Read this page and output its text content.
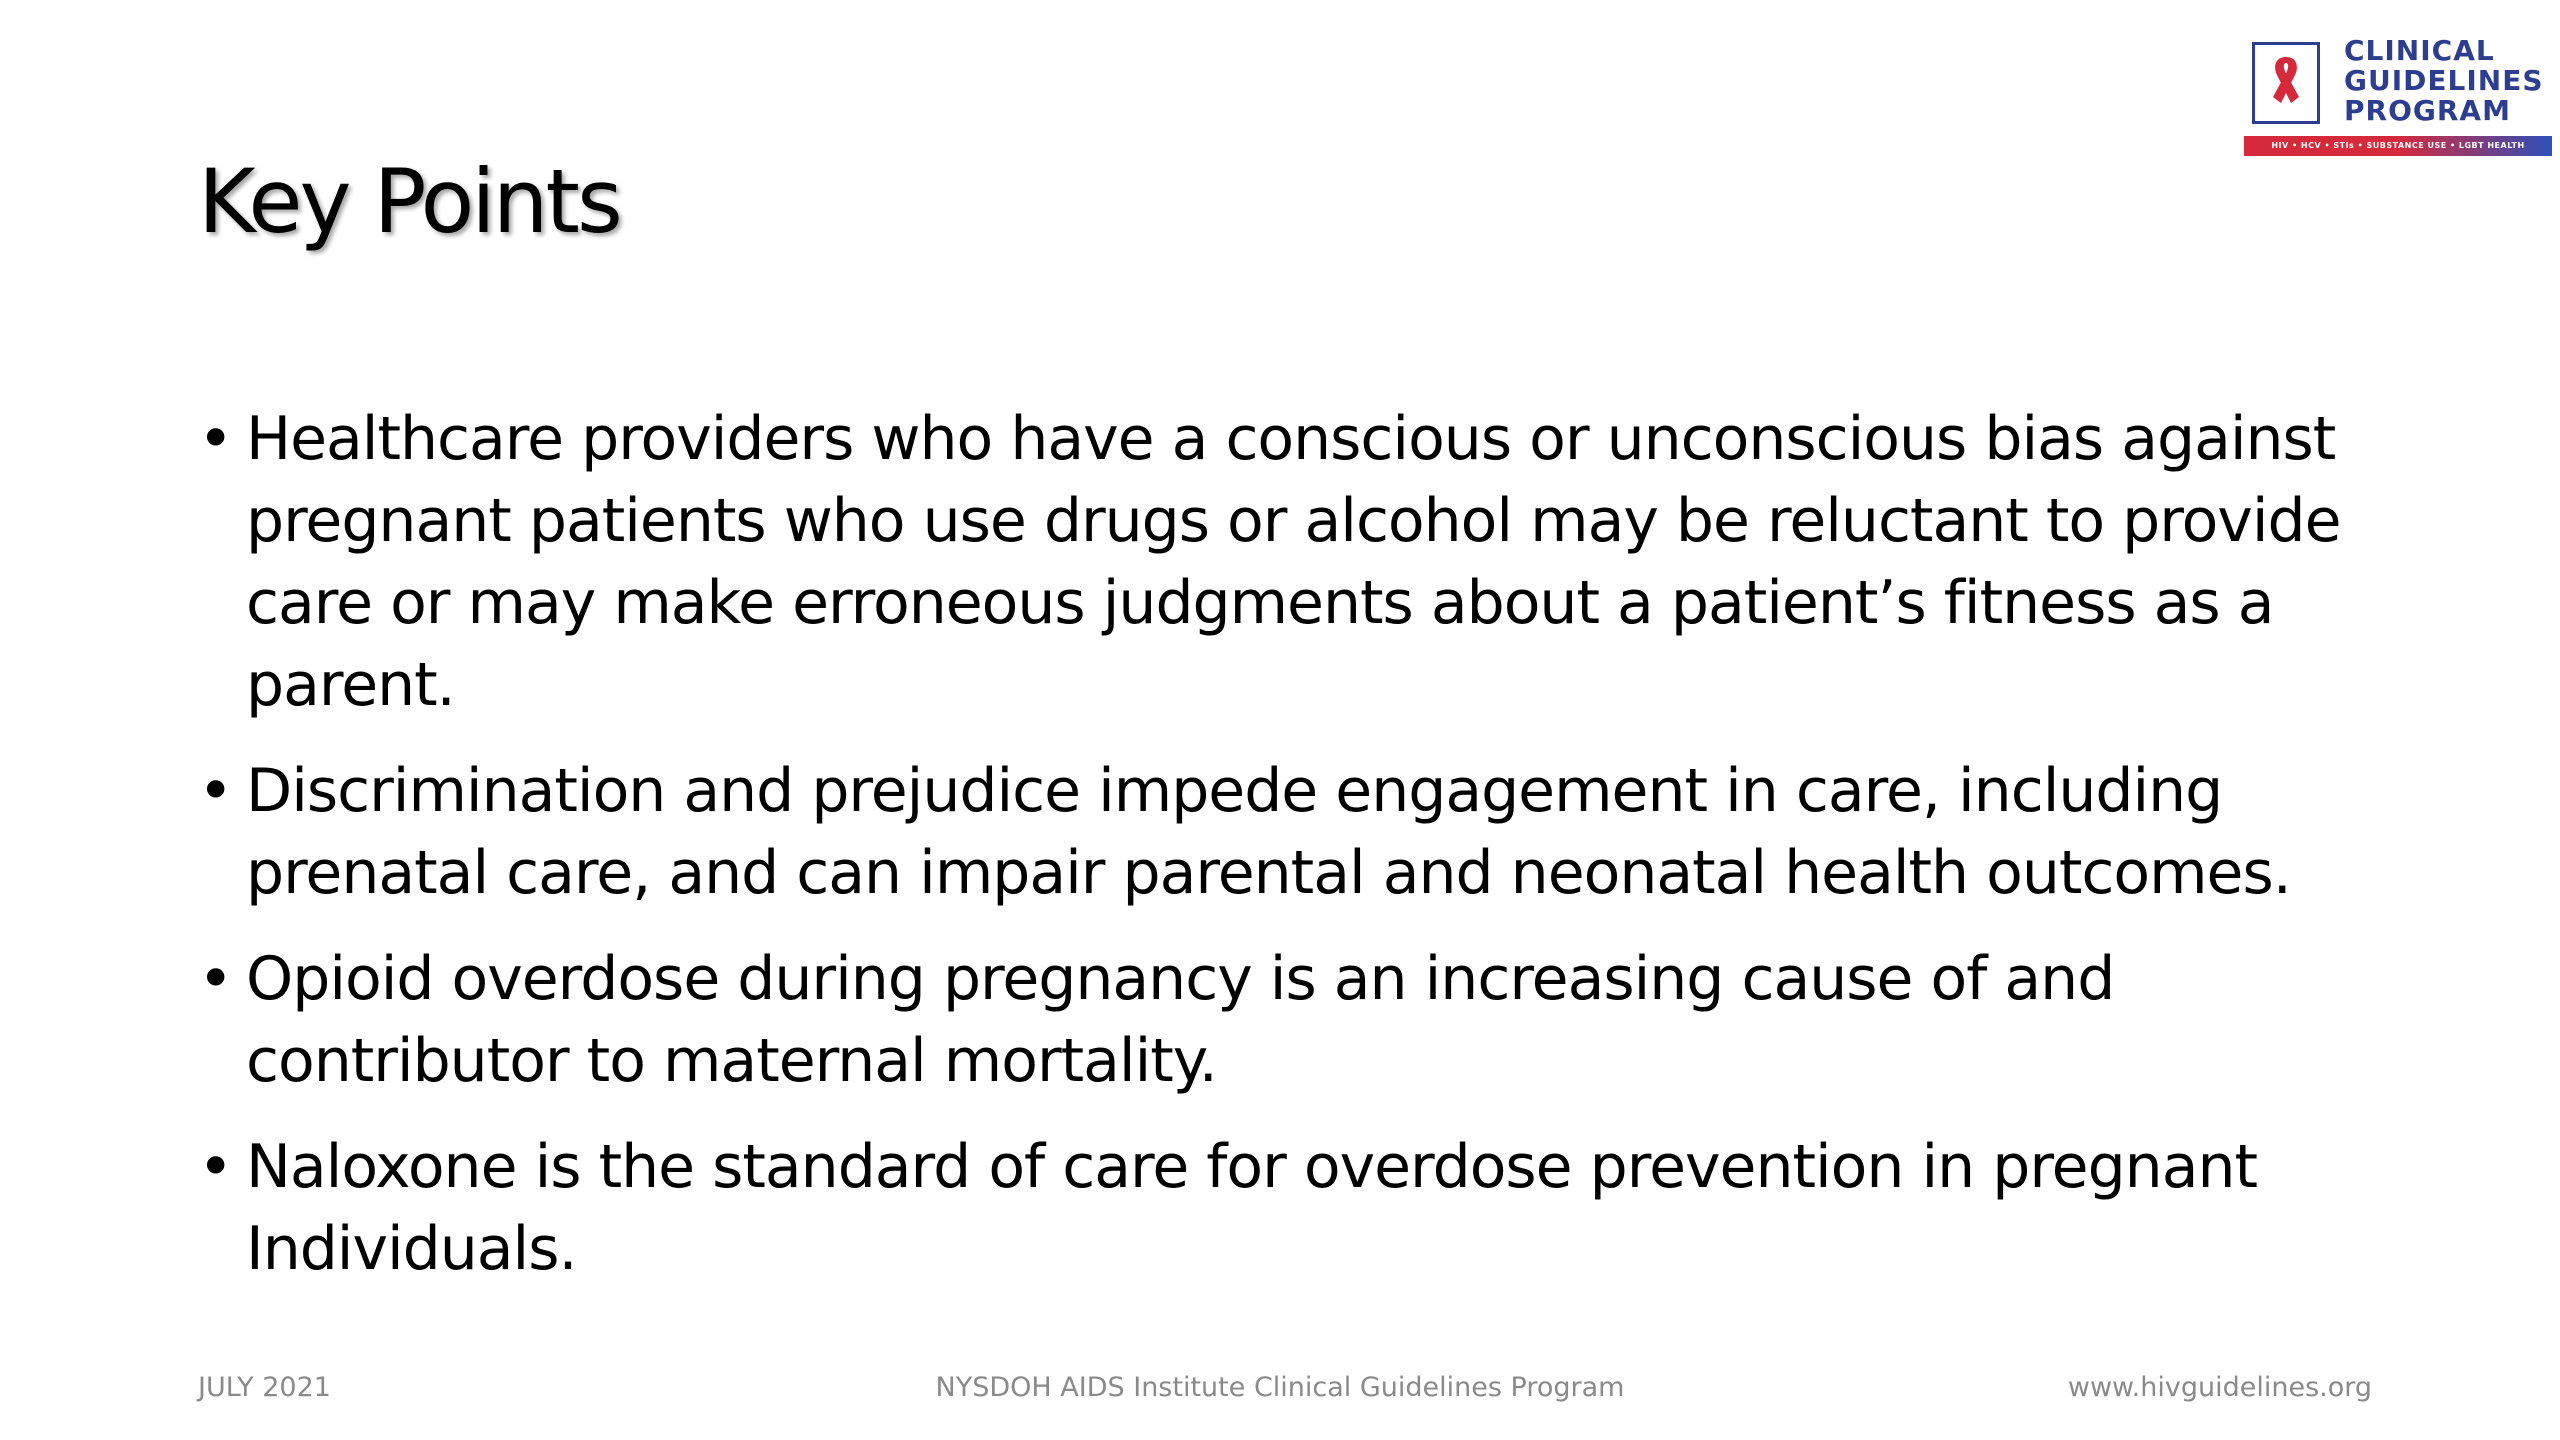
CLINICAL
GUIDELINES
PROGRAM
HIV • HCV • STIs • SUBSTANCE USE • LGBT HEALTH
Key Points
• Healthcare providers who have a conscious or unconscious bias against pregnant patients who use drugs or alcohol may be reluctant to provide care or may make erroneous judgments about a patient’s fitness as a parent.
• Discrimination and prejudice impede engagement in care, including prenatal care, and can impair parental and neonatal health outcomes.
• Opioid overdose during pregnancy is an increasing cause of and contributor to maternal mortality.
• Naloxone is the standard of care for overdose prevention in pregnant Individuals.
JULY 2021	NYSDOH AIDS Institute Clinical Guidelines Program	www.hivguidelines.org
